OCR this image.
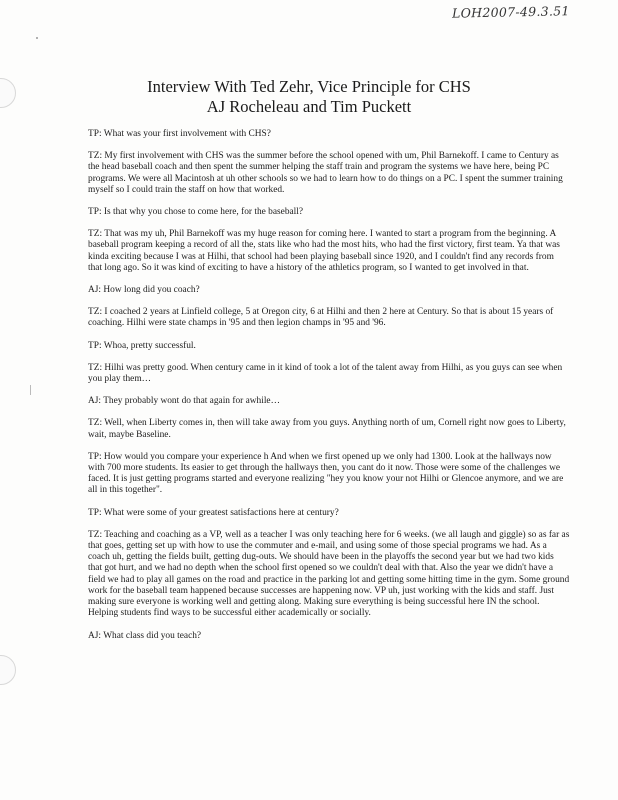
LOH2007-49.3.51
Interview With Ted Zehr, Vice Principle for CHS
AJ Rocheleau and Tim Puckett

TP: What was your first involvement with CHS?

TZ: My first involvement with CHS was the summer before the school opened with um, Phil Barnekoff. I came to Century as the head baseball coach and then spent the summer helping the staff train and program the systems we have here, being PC programs. We were all Macintosh at uh other schools so we had to learn how to do things on a PC. I spent the summer training myself so I could train the staff on how that worked.

TP: Is that why you chose to come here, for the baseball?

TZ: That was my uh, Phil Barnekoff was my huge reason for coming here. I wanted to start a program from the beginning. A baseball program keeping a record of all the, stats like who had the most hits, who had the first victory, first team. Ya that was kinda exciting because I was at Hilhi, that school had been playing baseball since 1920, and I couldn't find any records from that long ago. So it was kind of exciting to have a history of the athletics program, so I wanted to get involved in that.

AJ: How long did you coach?

TZ: I coached 2 years at Linfield college, 5 at Oregon city, 6 at Hilhi and then 2 here at Century. So that is about 15 years of coaching. Hilhi were state champs in '95 and then legion champs in '95 and '96.

TP: Whoa, pretty successful.

TZ: Hilhi was pretty good. When century came in it kind of took a lot of the talent away from Hilhi, as you guys can see when you play them…

AJ: They probably wont do that again for awhile…

TZ: Well, when Liberty comes in, then will take away from you guys. Anything north of um, Cornell right now goes to Liberty, wait, maybe Baseline.

TP: How would you compare your experience h And when we first opened up we only had 1300. Look at the hallways now with 700 more students. Its easier to get through the hallways then, you cant do it now. Those were some of the challenges we faced. It is just getting programs started and everyone realizing "hey you know your not Hilhi or Glencoe anymore, and we are all in this together".

TP: What were some of your greatest satisfactions here at century?

TZ: Teaching and coaching as a VP, well as a teacher I was only teaching here for 6 weeks. (we all laugh and giggle) so as far as that goes, getting set up with how to use the commuter and e-mail, and using some of those special programs we had. As a coach uh, getting the fields built, getting dug-outs. We should have been in the playoffs the second year but we had two kids that got hurt, and we had no depth when the school first opened so we couldn't deal with that. Also the year we didn't have a field we had to play all games on the road and practice in the parking lot and getting some hitting time in the gym. Some ground work for the baseball team happened because successes are happening now. VP uh, just working with the kids and staff. Just making sure everyone is working well and getting along. Making sure everything is being successful here IN the school. Helping students find ways to be successful either academically or socially.

AJ: What class did you teach?
